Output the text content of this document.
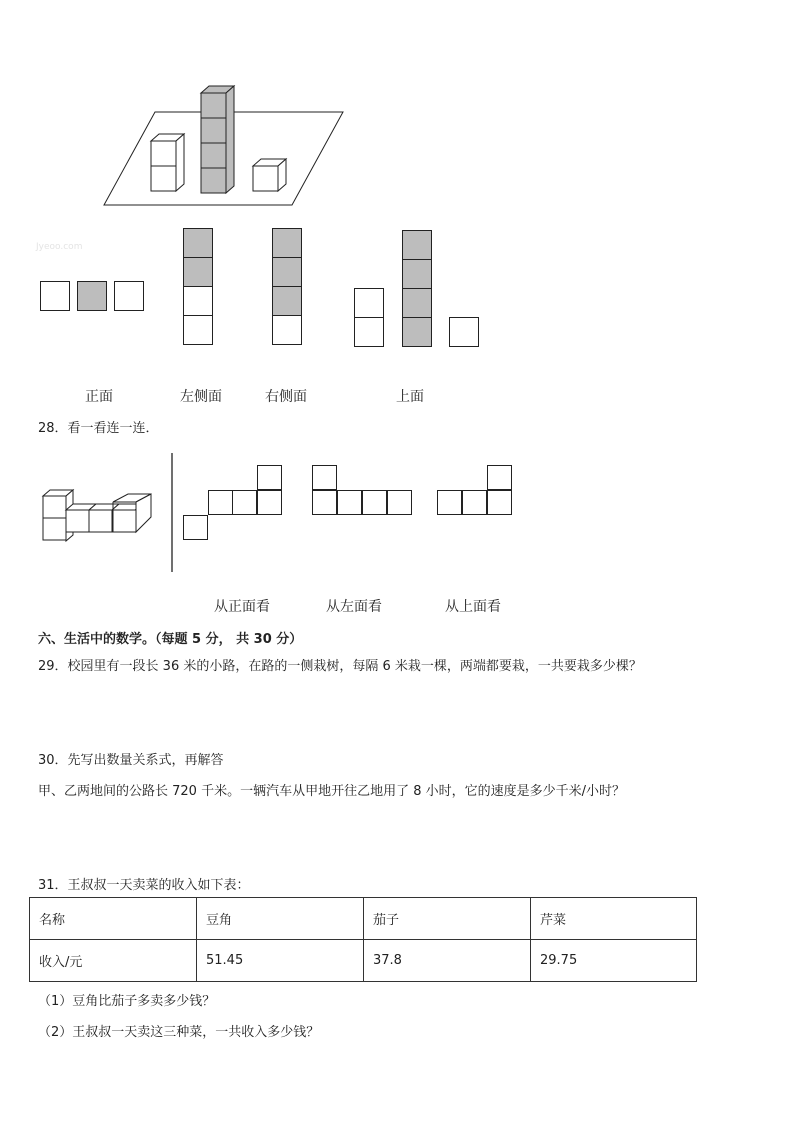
Jyeoo.com
正面	左侧面	右侧面	上面
28．看一看连一连．
从正面看	从左面看	从上面看
六、生活中的数学。（每题 5 分， 共 30 分）
29．校园里有一段长 36 米的小路，在路的一侧栽树，每隔 6 米栽一棵，两端都要栽，一共要栽多少棵？
30．先写出数量关系式，再解答
甲、乙两地间的公路长 720 千米。一辆汽车从甲地开往乙地用了 8 小时，它的速度是多少千米/小时？
31．王叔叔一天卖菜的收入如下表：
名称	豆角	茄子	芹菜
收入/元	51.45	37.8	29.75
（1）豆角比茄子多卖多少钱？
（2）王叔叔一天卖这三种菜，一共收入多少钱？
